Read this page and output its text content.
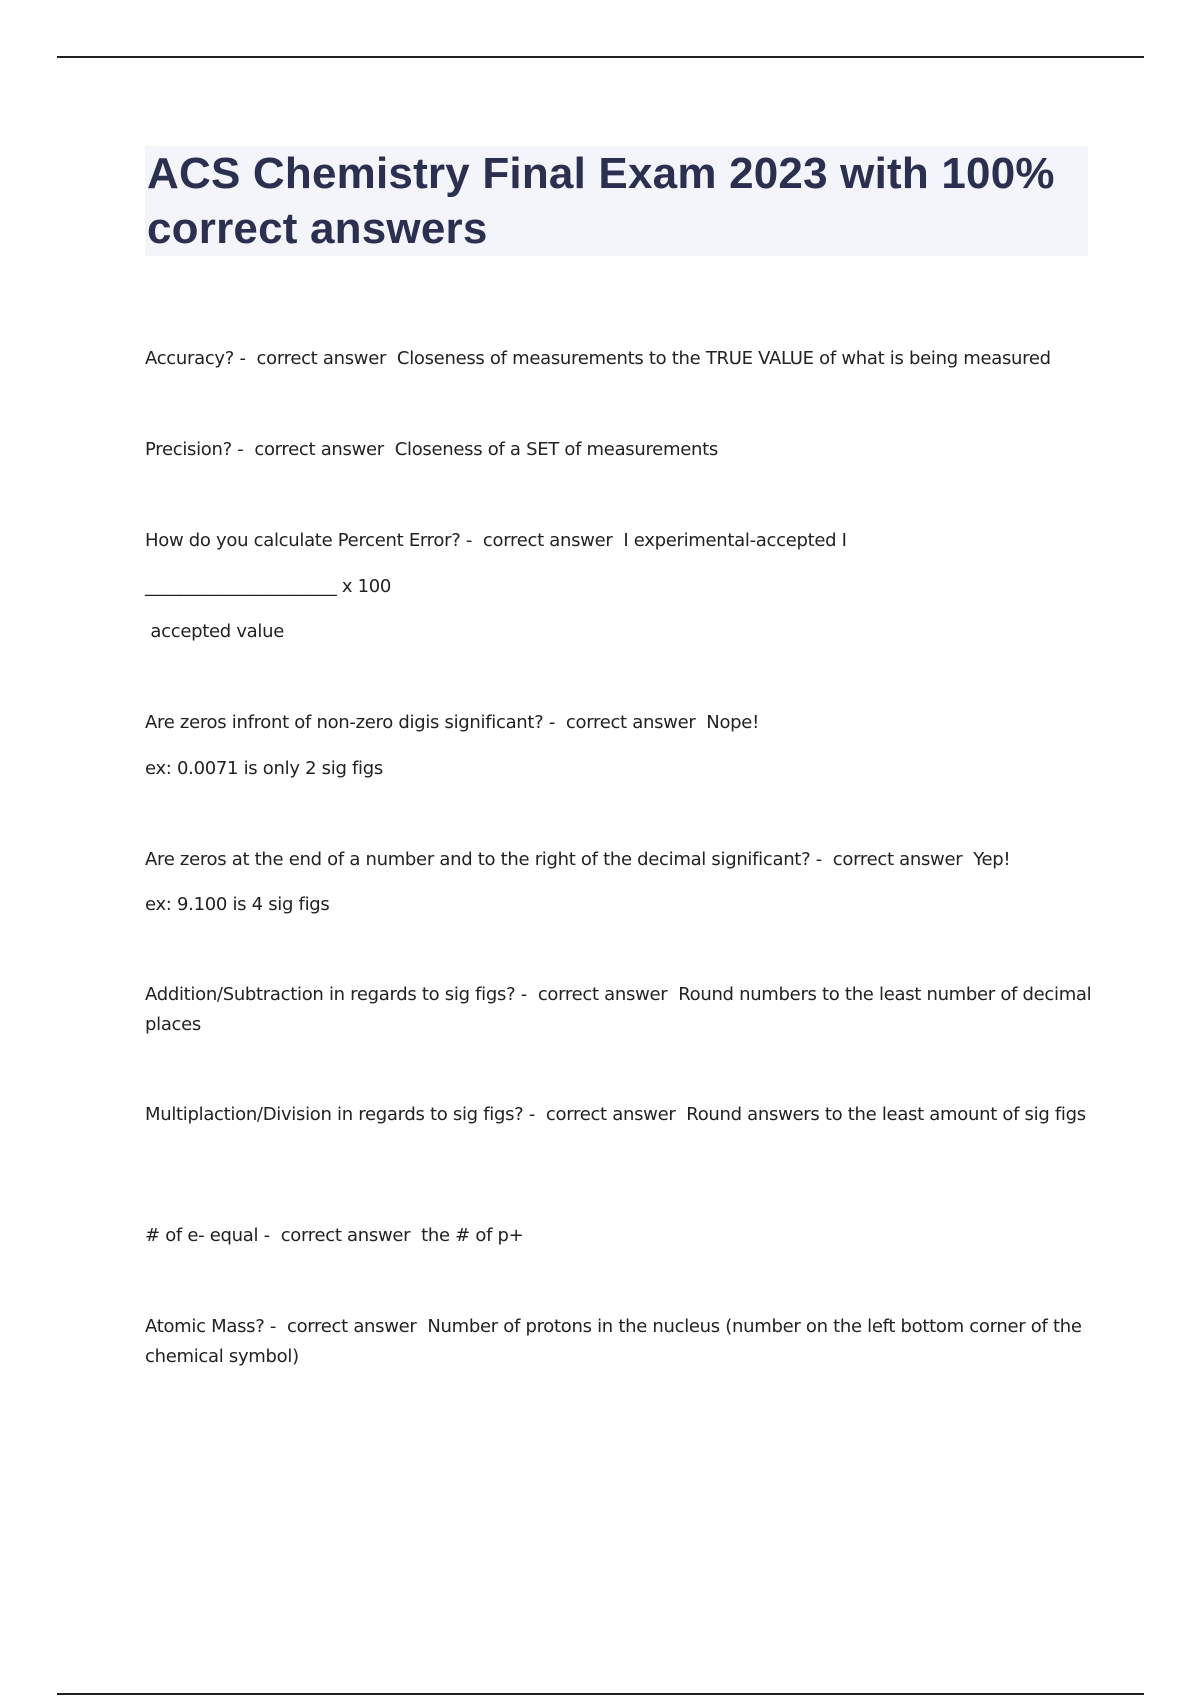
ACS Chemistry Final Exam 2023 with 100% correct answers

Accuracy? -  correct answer Closeness of measurements to the TRUE VALUE of what is being measured

Precision? -  correct answer Closeness of a SET of measurements

How do you calculate Percent Error? -  correct answer I experimental-accepted I

______________________ x 100

accepted value

Are zeros infront of non-zero digis significant? -  correct answer Nope!

ex: 0.0071 is only 2 sig figs

Are zeros at the end of a number and to the right of the decimal significant? -  correct answer Yep!

ex: 9.100 is 4 sig figs

Addition/Subtraction in regards to sig figs? -  correct answer Round numbers to the least number of decimal places

Multiplaction/Division in regards to sig figs? -  correct answer Round answers to the least amount of sig figs

# of e- equal -  correct answer the # of p+

Atomic Mass? -  correct answer Number of protons in the nucleus (number on the left bottom corner of the chemical symbol)
